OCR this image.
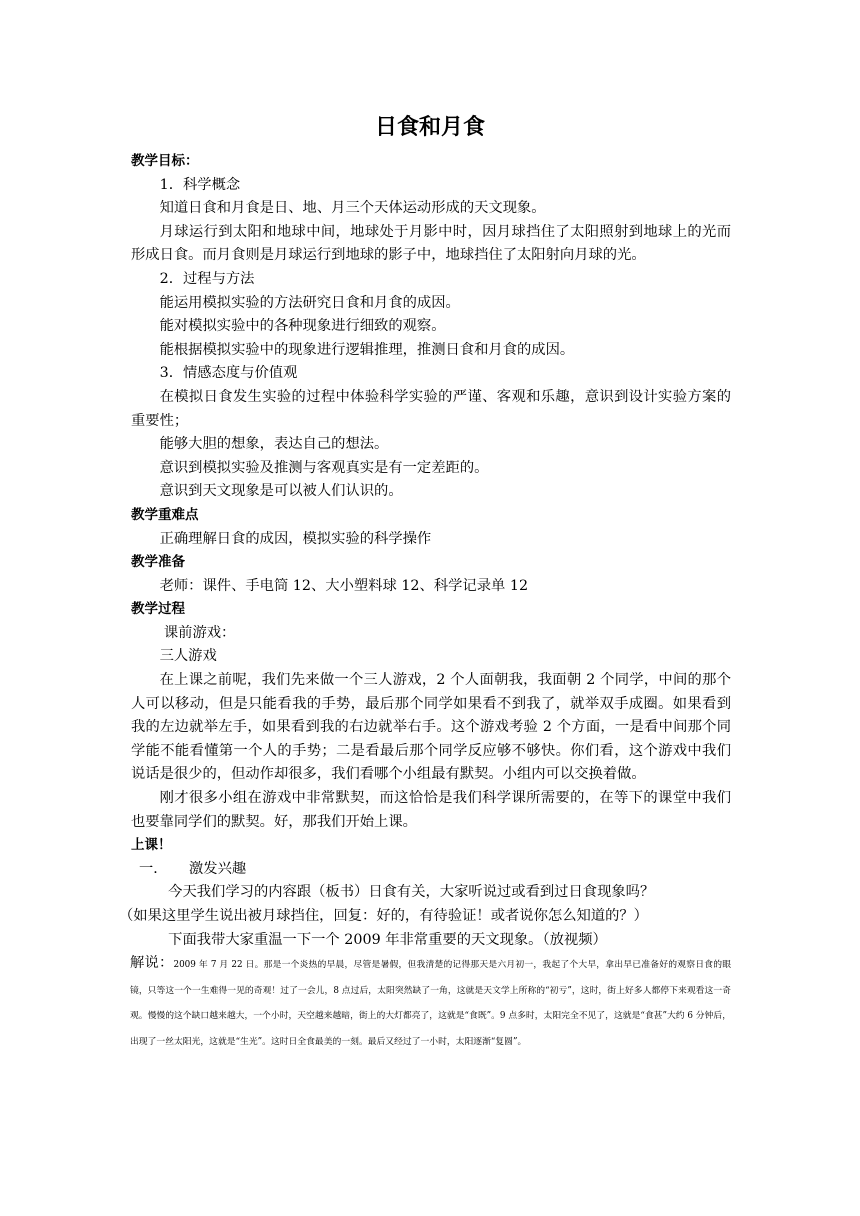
日食和月食

教学目标：

1．科学概念

知道日食和月食是日、地、月三个天体运动形成的天文现象。

月球运行到太阳和地球中间，地球处于月影中时，因月球挡住了太阳照射到地球上的光而形成日食。而月食则是月球运行到地球的影子中，地球挡住了太阳射向月球的光。

2．过程与方法

能运用模拟实验的方法研究日食和月食的成因。

能对模拟实验中的各种现象进行细致的观察。

能根据模拟实验中的现象进行逻辑推理，推测日食和月食的成因。

3．情感态度与价值观

在模拟日食发生实验的过程中体验科学实验的严谨、客观和乐趣，意识到设计实验方案的重要性；

能够大胆的想象，表达自己的想法。

意识到模拟实验及推测与客观真实是有一定差距的。

意识到天文现象是可以被人们认识的。

教学重难点

正确理解日食的成因，模拟实验的科学操作

教学准备

老师：课件、手电筒 12、大小塑料球 12、科学记录单 12

教学过程

课前游戏：

三人游戏

在上课之前呢，我们先来做一个三人游戏，2 个人面朝我，我面朝 2 个同学，中间的那个人可以移动，但是只能看我的手势，最后那个同学如果看不到我了，就举双手成圈。如果看到我的左边就举左手，如果看到我的右边就举右手。这个游戏考验 2 个方面，一是看中间那个同学能不能看懂第一个人的手势；二是看最后那个同学反应够不够快。你们看，这个游戏中我们说话是很少的，但动作却很多，我们看哪个小组最有默契。小组内可以交换着做。

刚才很多小组在游戏中非常默契，而这恰恰是我们科学课所需要的，在等下的课堂中我们也要靠同学们的默契。好，那我们开始上课。

上课！

一． 激发兴趣

今天我们学习的内容跟（板书）日食有关，大家听说过或看到过日食现象吗？

（如果这里学生说出被月球挡住，回复：好的，有待验证！或者说你怎么知道的？）

下面我带大家重温一下一个 2009 年非常重要的天文现象。（放视频）

解说：2009 年 7 月 22 日。那是一个炎热的早晨，尽管是暑假，但我清楚的记得那天是六月初一，我起了个大早，拿出早已准备好的观察日食的眼镜，只等这一个一生难得一见的奇观！过了一会儿，8 点过后，太阳突然缺了一角，这就是天文学上所称的“初亏”，这时，街上好多人都停下来观看这一奇观。慢慢的这个缺口越来越大，一个小时，天空越来越暗，街上的大灯都亮了，这就是“食既”。9 点多时，太阳完全不见了，这就是“食甚”大约 6 分钟后，出现了一丝太阳光，这就是“生光”。这时日全食最美的一刻。最后又经过了一小时，太阳逐渐“复圆”。
